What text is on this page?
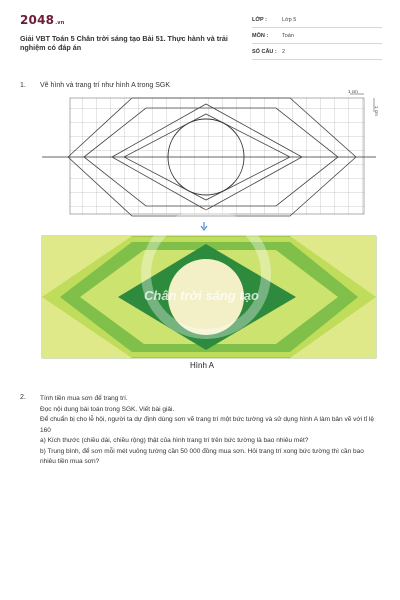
2048.vn
Giải VBT Toán 5 Chân trời sáng tạo Bài 51. Thực hành và trải nghiệm có đáp án
LỚP :	Lớp 5
MÔN :	Toán
SỐ CÂU : 2
1. Vẽ hình và trang trí như hình A trong SGK
1 cm
1 cm
Chân trời sáng tạo
Hình A
2. Tính tiền mua sơn để trang trí.
Đọc nội dung bài toán trong SGK. Viết bài giải.
Để chuẩn bị cho lễ hội, người ta dự định dùng sơn vẽ trang trí một bức tường và sử dụng hình A làm bản vẽ với tỉ lệ 160
a) Kích thước (chiều dài, chiều rộng) thật của hình trang trí trên bức tường là bao nhiêu mét?
b) Trung bình, để sơn mỗi mét vuông tường cần 50 000 đồng mua sơn. Hỏi trang trí xong bức tường thì cần bao nhiêu tiền mua sơn?
